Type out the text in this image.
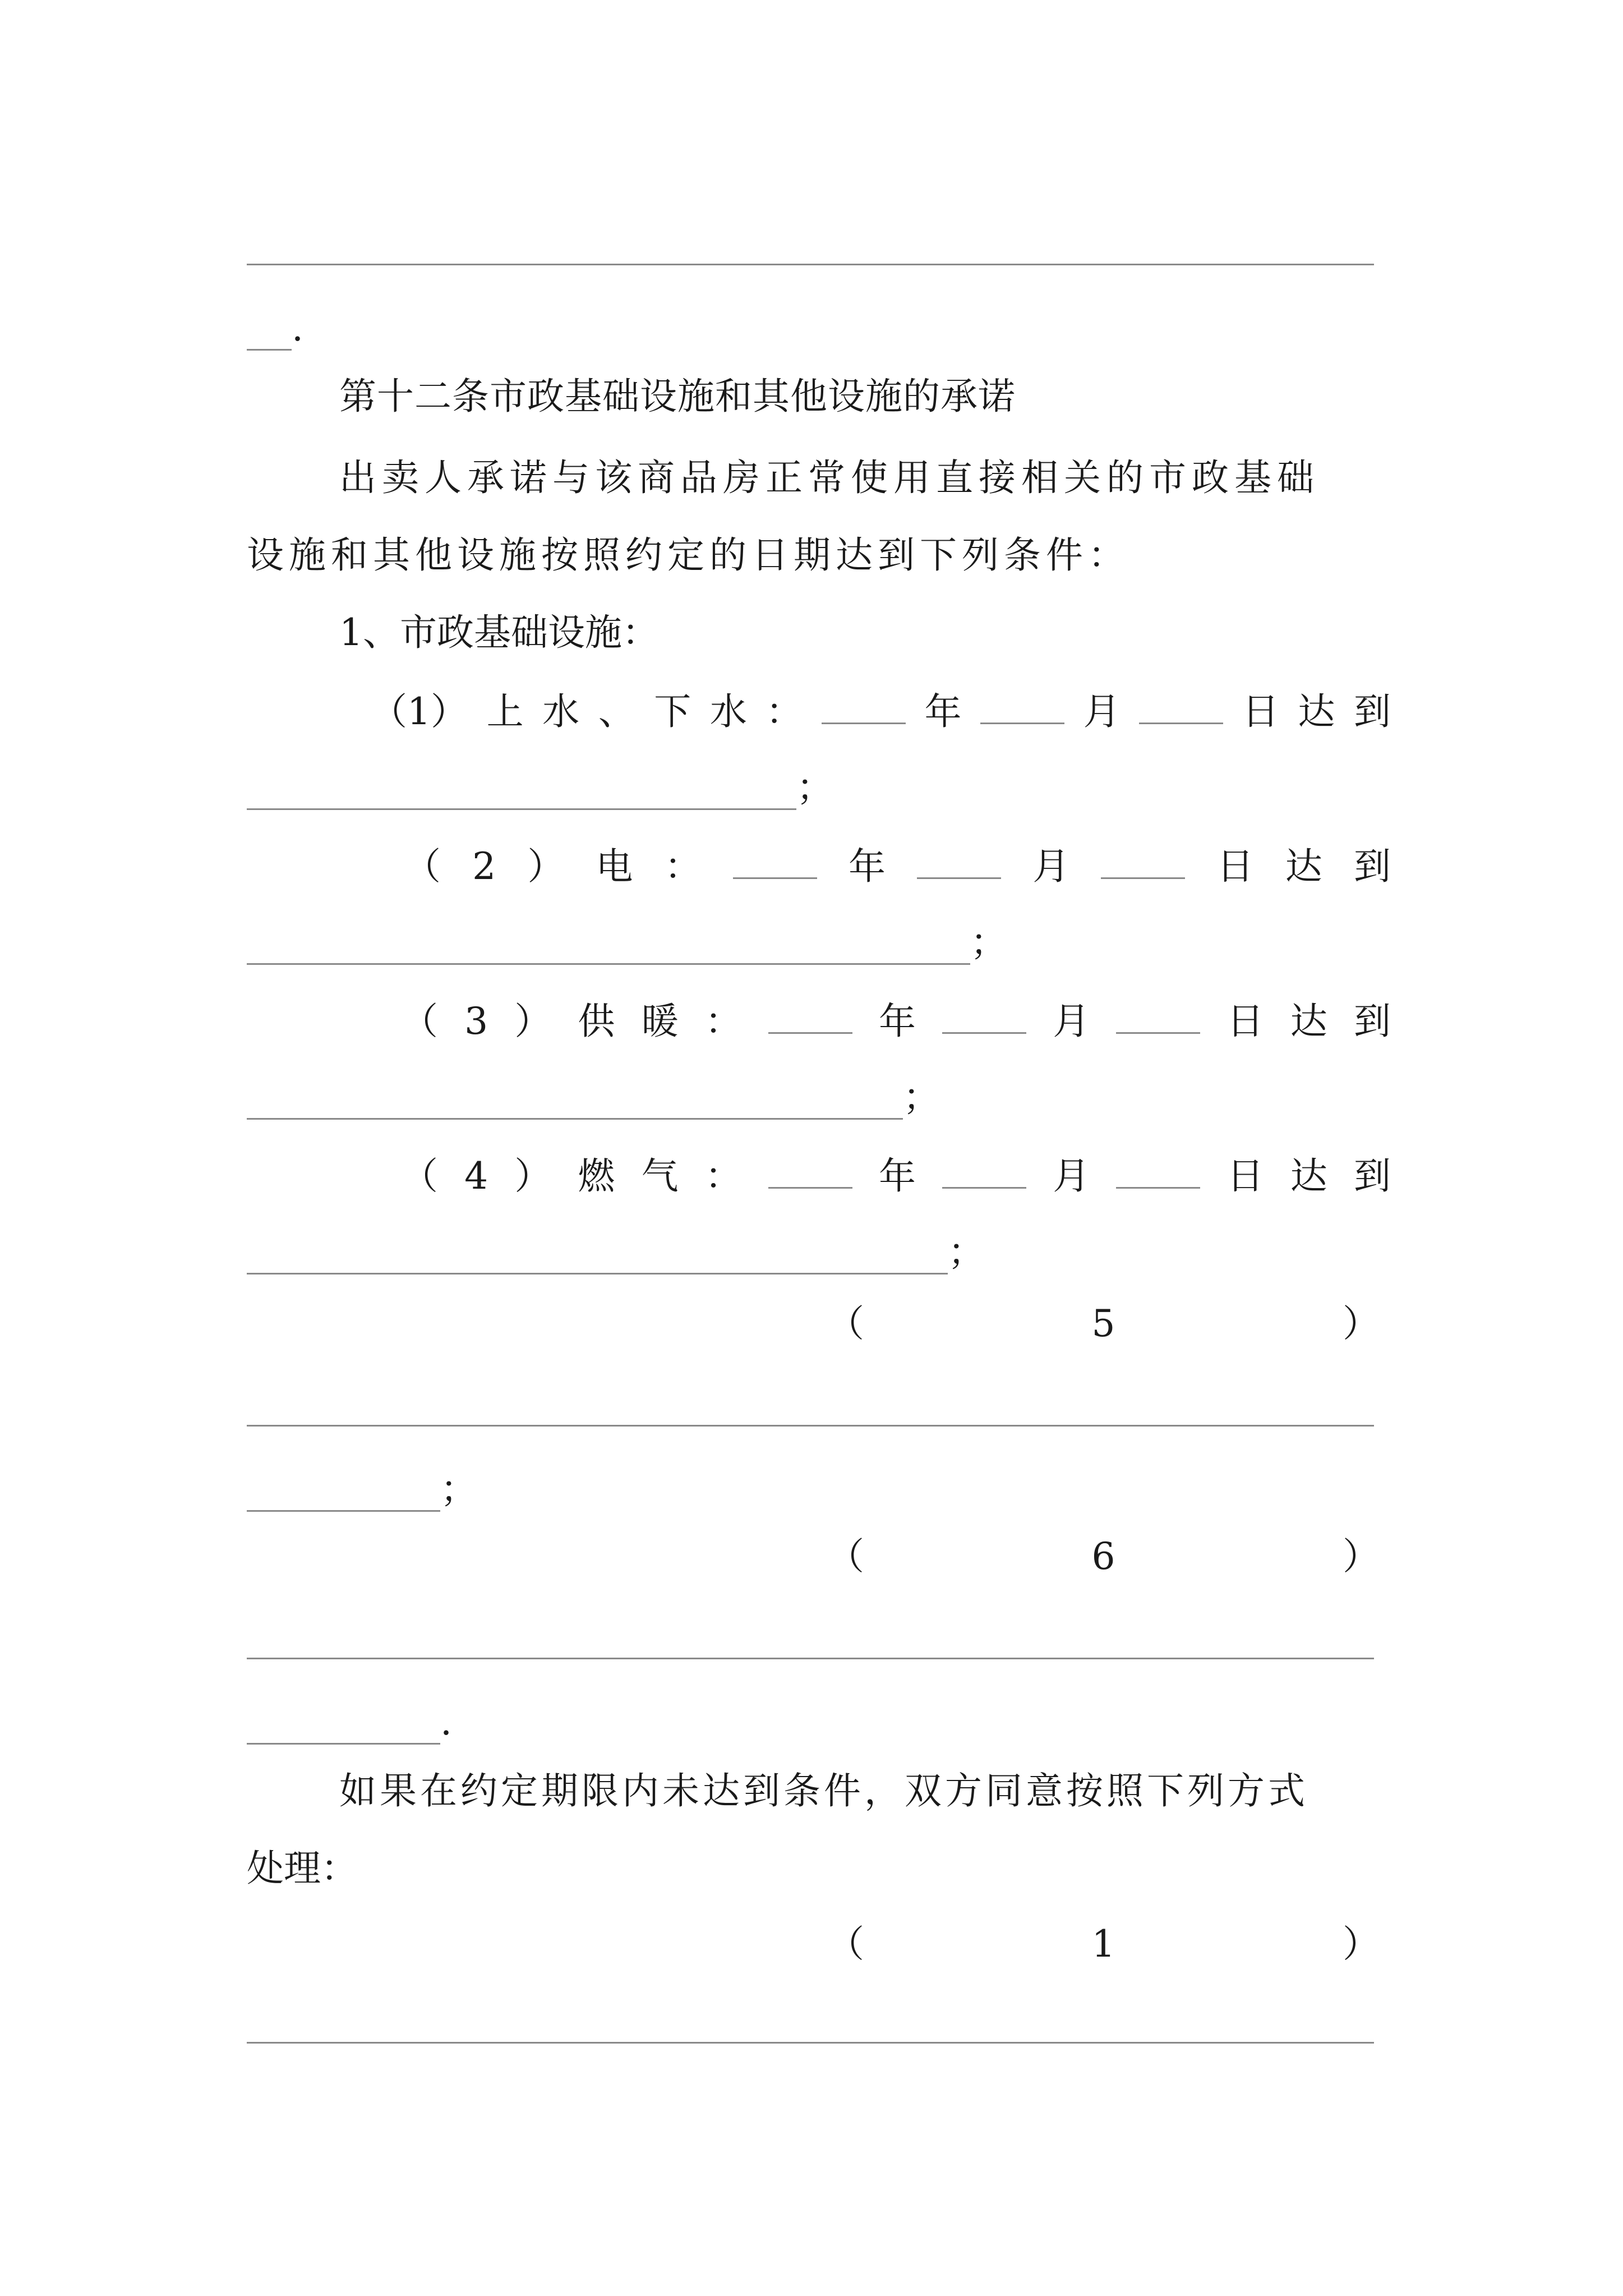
.
第十二条市政基础设施和其他设施的承诺
出卖人承诺与该商品房正常使用直接相关的市政基础
设施和其他设施按照约定的日期达到下列条件：
1、市政基础设施：
（1） 上 水 、 下 水 ：	年	月	日 达 到
；
（ 2 ） 电 ：	年	月	日 达 到
；
（ 3 ） 供 暖 ：	年	月	日 达 到
；
（ 4 ） 燃 气 ：	年	月	日 达 到
；
（	5	）
；
（	6	）
.
如果在约定期限内未达到条件，双方同意按照下列方式
处理：
（	1	）
